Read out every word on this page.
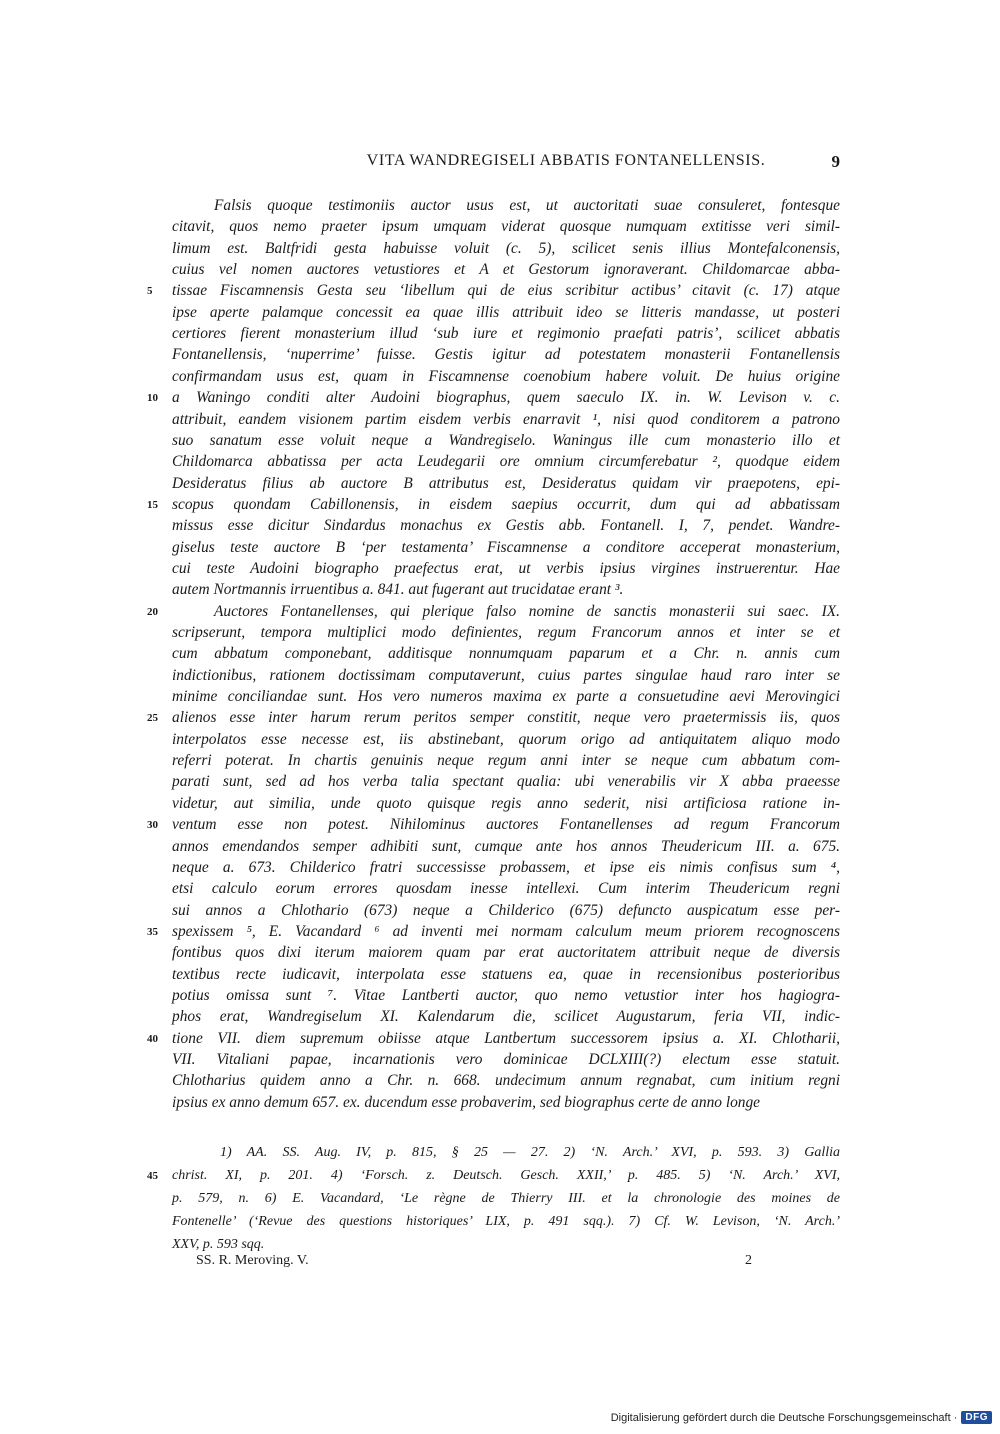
VITA WANDREGISELI ABBATIS FONTANELLENSIS.	9
Falsis quoque testimoniis auctor usus est, ut auctoritati suae consuleret, fontesque
citavit, quos nemo praeter ipsum umquam viderat quosque numquam extitisse veri simil-
limum est. Baltfridi gesta habuisse voluit (c. 5), scilicet senis illius Montefalconensis,
cuius vel nomen auctores vetustiores et A et Gestorum ignoraverant. Childomarcae abba-
tissae Fiscamnensis Gesta seu ‘libellum qui de eius scribitur actibus’ citavit (c. 17) atque
ipse aperte palamque concessit ea quae illis attribuit ideo se litteris mandasse, ut posteri
certiores fierent monasterium illud ‘sub iure et regimonio praefati patris’, scilicet abbatis
Fontanellensis, ‘nuperrime’ fuisse. Gestis igitur ad potestatem monasterii Fontanellensis
confirmandam usus est, quam in Fiscamnense coenobium habere voluit. De huius origine
a Waningo conditi alter Audoini biographus, quem saeculo IX. in. W. Levison v. c.
attribuit, eandem visionem partim eisdem verbis enarravit ¹, nisi quod conditorem a patrono
suo sanatum esse voluit neque a Wandregiselo. Waningus ille cum monasterio illo et
Childomarca abbatissa per acta Leudegarii ore omnium circumferebatur ², quodque eidem
Desideratus filius ab auctore B attributus est, Desideratus quidam vir praepotens, epi-
scopus quondam Cabillonensis, in eisdem saepius occurrit, dum qui ad abbatissam
missus esse dicitur Sindardus monachus ex Gestis abb. Fontanell. I, 7, pendet. Wandre-
giselus teste auctore B ‘per testamenta’ Fiscamnense a conditore acceperat monasterium,
cui teste Audoini biographo praefectus erat, ut verbis ipsius virgines instruerentur. Hae
autem Nortmannis irruentibus a. 841. aut fugerant aut trucidatae erant ³.
Auctores Fontanellenses, qui plerique falso nomine de sanctis monasterii sui saec. IX.
scripserunt, tempora multiplici modo definientes, regum Francorum annos et inter se et
cum abbatum componebant, additisque nonnumquam paparum et a Chr. n. annis cum
indictionibus, rationem doctissimam computaverunt, cuius partes singulae haud raro inter se
minime conciliandae sunt. Hos vero numeros maxima ex parte a consuetudine aevi Merovingici
alienos esse inter harum rerum peritos semper constitit, neque vero praetermissis iis, quos
interpolatos esse necesse est, iis abstinebant, quorum origo ad antiquitatem aliquo modo
referri poterat. In chartis genuinis neque regum anni inter se neque cum abbatum com-
parati sunt, sed ad hos verba talia spectant qualia: ubi venerabilis vir X abba praeesse
videtur, aut similia, unde quoto quisque regis anno sederit, nisi artificiosa ratione in-
ventum esse non potest. Nihilominus auctores Fontanellenses ad regum Francorum
annos emendandos semper adhibiti sunt, cumque ante hos annos Theudericum III. a. 675.
neque a. 673. Childerico fratri successisse probassem, et ipse eis nimis confisus sum ⁴,
etsi calculo eorum errores quosdam inesse intellexi. Cum interim Theudericum regni
sui annos a Chlothario (673) neque a Childerico (675) defuncto auspicatum esse per-
spexissem ⁵, E. Vacandard ⁶ ad inventi mei normam calculum meum priorem recognoscens
fontibus quos dixi iterum maiorem quam par erat auctoritatem attribuit neque de diversis
textibus recte iudicavit, interpolata esse statuens ea, quae in recensionibus posterioribus
potius omissa sunt ⁷. Vitae Lantberti auctor, quo nemo vetustior inter hos hagiogra-
phos erat, Wandregiselum XI. Kalendarum die, scilicet Augustarum, feria VII, indic-
tione VII. diem supremum obiisse atque Lantbertum successorem ipsius a. XI. Chlotharii,
VII. Vitaliani papae, incarnationis vero dominicae DCLXIII(?) electum esse statuit.
Chlotharius quidem anno a Chr. n. 668. undecimum annum regnabat, cum initium regni
ipsius ex anno demum 657. ex. ducendum esse probaverim, sed biographus certe de anno longe
5
10
15
20
25
30
35
40
45
1) AA. SS. Aug. IV, p. 815, § 25 — 27. 2) ‘N. Arch.’ XVI, p. 593. 3) Gallia
christ. XI, p. 201. 4) ‘Forsch. z. Deutsch. Gesch. XXII,’ p. 485. 5) ‘N. Arch.’ XVI,
p. 579, n. 6) E. Vacandard, ‘Le règne de Thierry III. et la chronologie des moines de
Fontenelle’ (‘Revue des questions historiques’ LIX, p. 491 sqq.). 7) Cf. W. Levison, ‘N. Arch.’
XXV, p. 593 sqq.
SS. R. Meroving. V.	2
Digitalisierung gefördert durch die Deutsche Forschungsgemeinschaft · DFG
